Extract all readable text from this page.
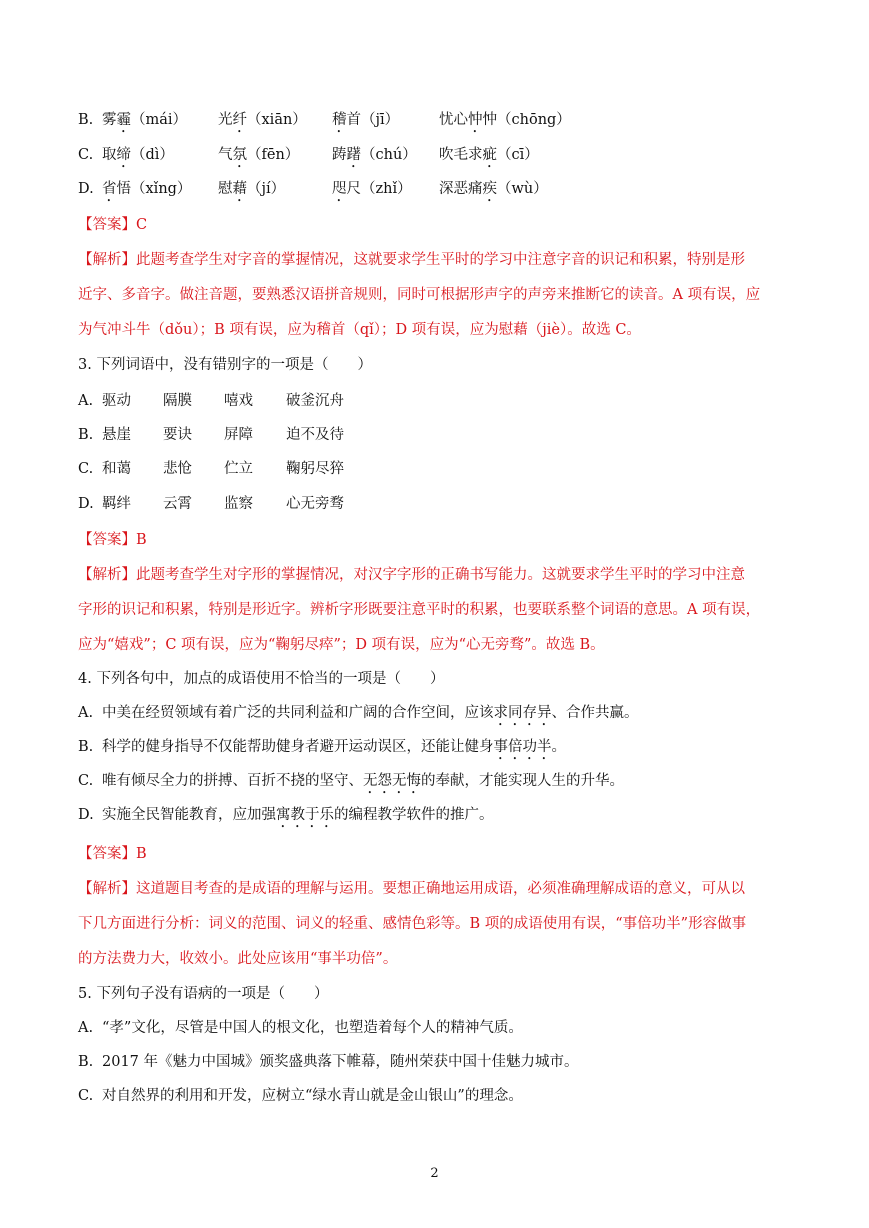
B. 雾霾（mái） 光纤（xiān） 稽首（jī）	忧心忡忡（chōng）
C. 取缔（dì）	气氛（fēn） 踌躇（chú） 吹毛求疵（cī）
D. 省悟（xǐng） 慰藉（jí）	咫尺（zhǐ） 深恶痛疾（wù）
【答案】C
【解析】此题考查学生对字音的掌握情况，这就要求学生平时的学习中注意字音的识记和积累，特别是形
近字、多音字。做注音题，要熟悉汉语拼音规则，同时可根据形声字的声旁来推断它的读音。A 项有误，应
为气冲斗牛（dǒu）；B 项有误，应为稽首（qǐ）；D 项有误，应为慰藉（jiè）。故选 C。
3. 下列词语中，没有错别字的一项是（　　）
A. 驱动 隔膜 嘻戏 破釜沉舟
B. 悬崖 要诀 屏障 迫不及待
C. 和蔼 悲怆 伫立 鞠躬尽猝
D. 羁绊 云霄 监察 心无旁骛
【答案】B
【解析】此题考查学生对字形的掌握情况，对汉字字形的正确书写能力。这就要求学生平时的学习中注意
字形的识记和积累，特别是形近字。辨析字形既要注意平时的积累，也要联系整个词语的意思。A 项有误，
应为“嬉戏”；C 项有误，应为“鞠躬尽瘁”；D 项有误，应为“心无旁骛”。故选 B。
4. 下列各句中，加点的成语使用不恰当的一项是（　　）
A. 中美在经贸领域有着广泛的共同利益和广阔的合作空间，应该求同存异、合作共赢。
B. 科学的健身指导不仅能帮助健身者避开运动误区，还能让健身事倍功半。
C. 唯有倾尽全力的拼搏、百折不挠的坚守、无怨无悔的奉献，才能实现人生的升华。
D. 实施全民智能教育，应加强寓教于乐的编程教学软件的推广。
【答案】B
【解析】这道题目考查的是成语的理解与运用。要想正确地运用成语，必须准确理解成语的意义，可从以
下几方面进行分析：词义的范围、词义的轻重、感情色彩等。B 项的成语使用有误，“事倍功半”形容做事
的方法费力大，收效小。此处应该用“事半功倍”。
5. 下列句子没有语病的一项是（　　）
A. “孝”文化，尽管是中国人的根文化，也塑造着每个人的精神气质。
B. 2017 年《魅力中国城》颁奖盛典落下帷幕，随州荣获中国十佳魅力城市。
C. 对自然界的利用和开发，应树立“绿水青山就是金山银山”的理念。
2
